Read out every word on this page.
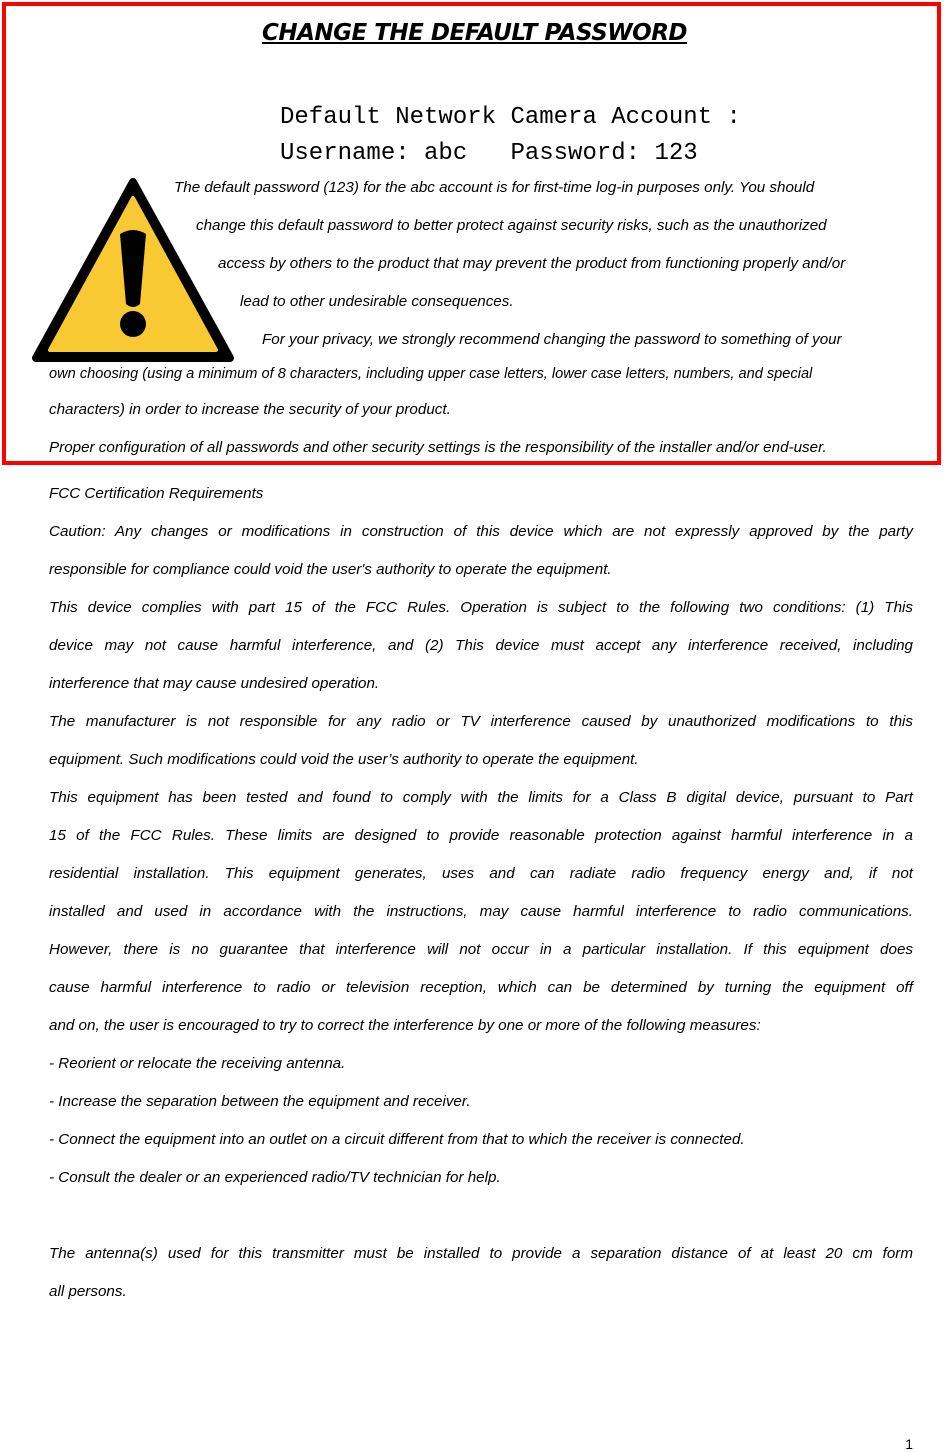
CHANGE THE DEFAULT PASSWORD
Default Network Camera Account :
Username: abc   Password: 123
The default password (123) for the abc account is for first-time log-in purposes only. You should
change this default password to better protect against security risks, such as the unauthorized
access by others to the product that may prevent the product from functioning properly and/or
lead to other undesirable consequences.
For your privacy, we strongly recommend changing the password to something of your
own choosing (using a minimum of 8 characters, including upper case letters, lower case letters, numbers, and special
characters) in order to increase the security of your product.
Proper configuration of all passwords and other security settings is the responsibility of the installer and/or end-user.
FCC Certification Requirements
Caution: Any changes or modifications in construction of this device which are not expressly approved by the party
responsible for compliance could void the user's authority to operate the equipment.
This device complies with part 15 of the FCC Rules. Operation is subject to the following two conditions: (1) This
device may not cause harmful interference, and (2) This device must accept any interference received, including
interference that may cause undesired operation.
The manufacturer is not responsible for any radio or TV interference caused by unauthorized modifications to this
equipment. Such modifications could void the user’s authority to operate the equipment.
This equipment has been tested and found to comply with the limits for a Class B digital device, pursuant to Part
15 of the FCC Rules. These limits are designed to provide reasonable protection against harmful interference in a
residential installation. This equipment generates, uses and can radiate radio frequency energy and, if not
installed and used in accordance with the instructions, may cause harmful interference to radio communications.
However, there is no guarantee that interference will not occur in a particular installation. If this equipment does
cause harmful interference to radio or television reception, which can be determined by turning the equipment off
and on, the user is encouraged to try to correct the interference by one or more of the following measures:
- Reorient or relocate the receiving antenna.
- Increase the separation between the equipment and receiver.
- Connect the equipment into an outlet on a circuit different from that to which the receiver is connected.
- Consult the dealer or an experienced radio/TV technician for help.
The antenna(s) used for this transmitter must be installed to provide a separation distance of at least 20 cm form
all persons.
1
